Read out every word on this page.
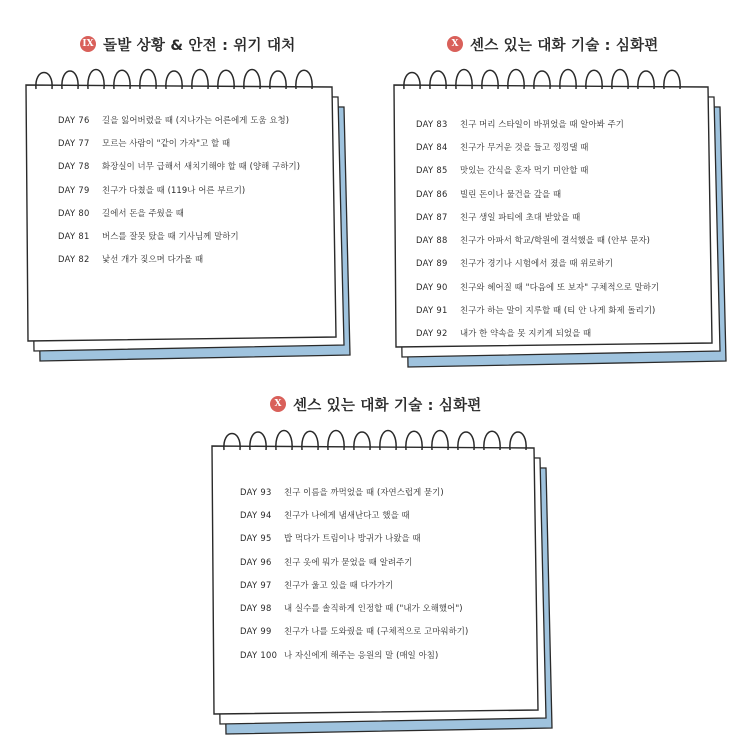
IX 돌발 상황 & 안전 : 위기 대처
DAY 76	길을 잃어버렸을 때 (지나가는 어른에게 도움 요청)
DAY 77	모르는 사람이 "같이 가자"고 할 때
DAY 78	화장실이 너무 급해서 새치기해야 할 때 (양해 구하기)
DAY 79	친구가 다쳤을 때 (119나 어른 부르기)
DAY 80	길에서 돈을 주웠을 때
DAY 81	버스를 잘못 탔을 때 기사님께 말하기
DAY 82	낯선 개가 짖으며 다가올 때
X 센스 있는 대화 기술 : 심화편
DAY 83	친구 머리 스타일이 바뀌었을 때 알아봐 주기
DAY 84	친구가 무거운 것을 들고 낑낑댈 때
DAY 85	맛있는 간식을 혼자 먹기 미안할 때
DAY 86	빌린 돈이나 물건을 갚을 때
DAY 87	친구 생일 파티에 초대 받았을 때
DAY 88	친구가 아파서 학교/학원에 결석했을 때 (안부 문자)
DAY 89	친구가 경기나 시험에서 졌을 때 위로하기
DAY 90	친구와 헤어질 때 "다음에 또 보자" 구체적으로 말하기
DAY 91	친구가 하는 말이 지루할 때 (티 안 나게 화제 돌리기)
DAY 92	내가 한 약속을 못 지키게 되었을 때
X 센스 있는 대화 기술 : 심화편
DAY 93	친구 이름을 까먹었을 때 (자연스럽게 묻기)
DAY 94	친구가 나에게 냄새난다고 했을 때
DAY 95	밥 먹다가 트림이나 방귀가 나왔을 때
DAY 96	친구 옷에 뭐가 묻었을 때 알려주기
DAY 97	친구가 울고 있을 때 다가가기
DAY 98	내 실수를 솔직하게 인정할 때 ("내가 오해했어")
DAY 99	친구가 나를 도와줬을 때 (구체적으로 고마워하기)
DAY 100 나 자신에게 해주는 응원의 말 (매일 아침)
